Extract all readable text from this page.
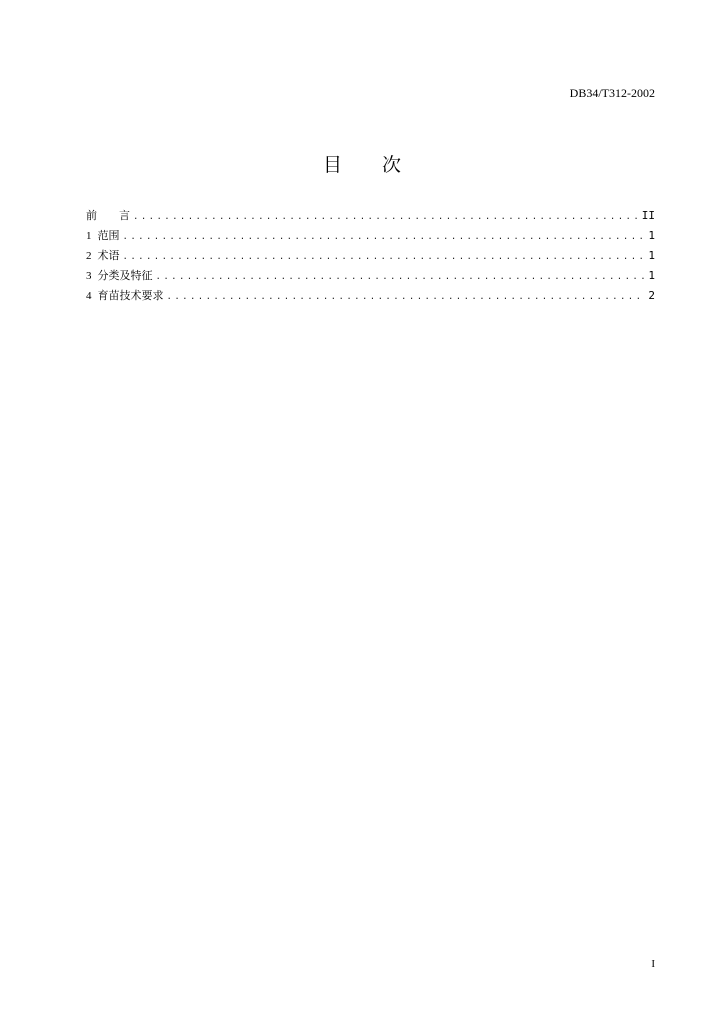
DB34/T312-2002
目 次
前 言 .....	II
1 范围 .....	1
2 术语 .....	1
3 分类及特征 .....	1
4 育苗技术要求 .....	2
I
